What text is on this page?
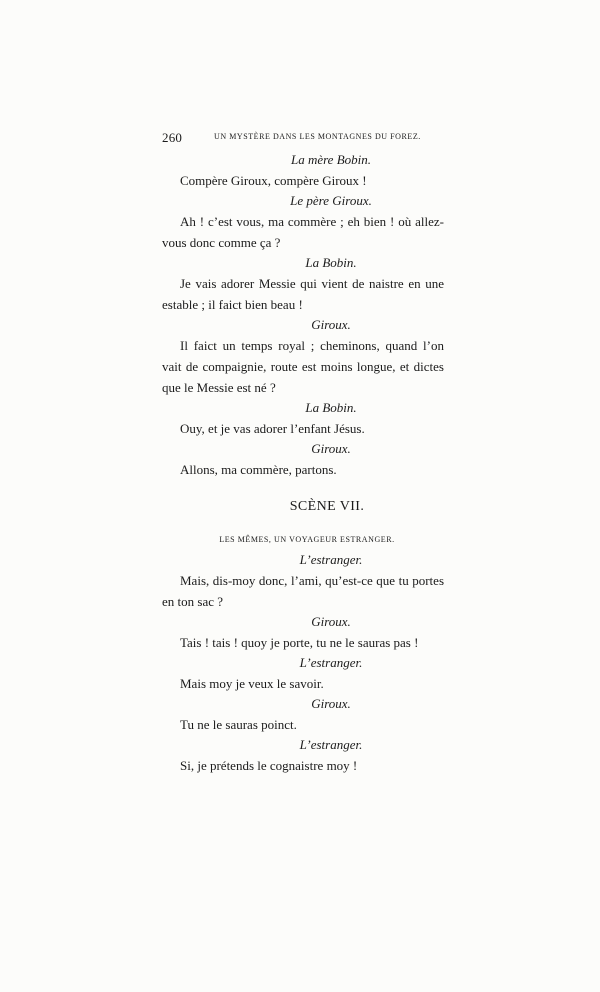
260	UN MYSTÈRE DANS LES MONTAGNES DU FOREZ.
La mère Bobin.

Compère Giroux, compère Giroux !

Le père Giroux.

Ah ! c’est vous, ma commère ; eh bien ! où allez-vous donc comme ça ?

La Bobin.

Je vais adorer Messie qui vient de naistre en une estable ; il faict bien beau !

Giroux.

Il faict un temps royal ; cheminons, quand l’on vait de compaignie, route est moins longue, et dictes que le Messie est né ?

La Bobin.

Ouy, et je vas adorer l’enfant Jésus.

Giroux.

Allons, ma commère, partons.

SCÈNE VII.
LES MÊMES, UN VOYAGEUR ESTRANGER.
L’estranger.

Mais, dis-moy donc, l’ami, qu’est-ce que tu portes en ton sac ?

Giroux.

Tais ! tais ! quoy je porte, tu ne le sauras pas !

L’estranger.

Mais moy je veux le savoir.

Giroux.

Tu ne le sauras poinct.

L’estranger.

Si, je prétends le cognaistre moy !
